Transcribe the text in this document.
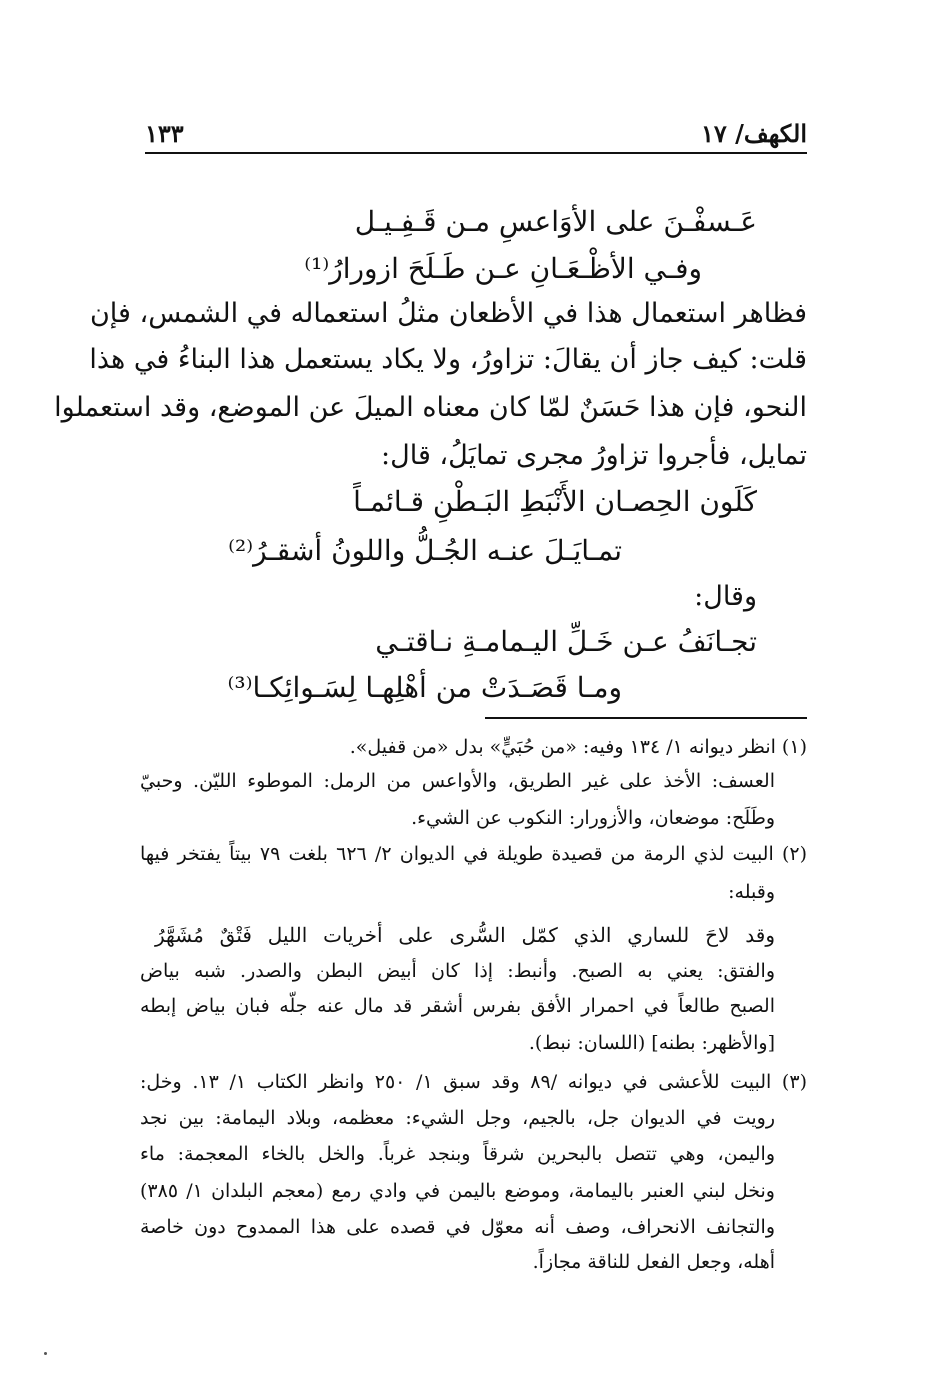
الكهف/ ١٧
١٣٣
عَـسفْـنَ على الأوَاعسِ مـن قَـفِـيـل
وفـي الأظْـعَـانِ عـن طَـلَحَ ازورارُ⁽¹⁾
فظاهر استعمال هذا في الأظعان مثلُ استعماله في الشمس، فإن
قلت: كيف جاز أن يقالَ: تزاورُ، ولا يكاد يستعمل هذا البناءُ في هذا
النحو، فإن هذا حَسَنٌ لمّا كان معناه الميلَ عن الموضع، وقد استعملوا
تمايل، فأجروا تزاورُ مجرى تمايَلُ، قال:
كَلَون الحِصـان الأَنْبَطِ البَـطْنِ قـائمـاً
تمـايَـلَ عنـه الجُـلُّ واللونُ أشقـرُ⁽²⁾
وقال:
تجـانَفُ عـن خَـلِّ اليـمامـةِ نـاقتـي
ومـا قَصَـدَتْ من أهْلِهـا لِسَـوائِكـا⁽³⁾
(١) انظر ديوانه ١/ ١٣٤ وفيه: «من حُبَيٍّ» بدل «من قفيل».
العسف: الأخذ على غير الطريق، والأواعس من الرمل: الموطوء الليّن. وحبيّ
وطَلَح: موضعان، والأزورار: النكوب عن الشيء.
(٢) البيت لذي الرمة من قصيدة طويلة في الديوان ٢/ ٦٢٦ بلغت ٧٩ بيتاً يفتخر فيها
وقبله:
وقد لاحَ للساري الذي كمّل السُّرى على أخريات الليل فَتْقٌ مُشَهَّرُ
والفتق: يعني به الصبح. وأنبط: إذا كان أبيض البطن والصدر. شبه بياض
الصبح طالعاً في احمرار الأفق بفرس أشقر قد مال عنه جلّه فبان بياض إبطه
[والأظهر: بطنه] (اللسان: نبط).
(٣) البيت للأعشى في ديوانه /٨٩ وقد سبق ١/ ٢٥٠ وانظر الكتاب ١/ ١٣. وخل:
رويت في الديوان جل، بالجيم، وجل الشيء: معظمه، وبلاد اليمامة: بين نجد
واليمن، وهي تتصل بالبحرين شرقاً وبنجد غرباً. والخل بالخاء المعجمة: ماء
ونخل لبني العنبر باليمامة، وموضع باليمن في وادي رمع (معجم البلدان ١/ ٣٨٥)
والتجانف الانحراف، وصف أنه معوّل في قصده على هذا الممدوح دون خاصة
أهله، وجعل الفعل للناقة مجازاً.
